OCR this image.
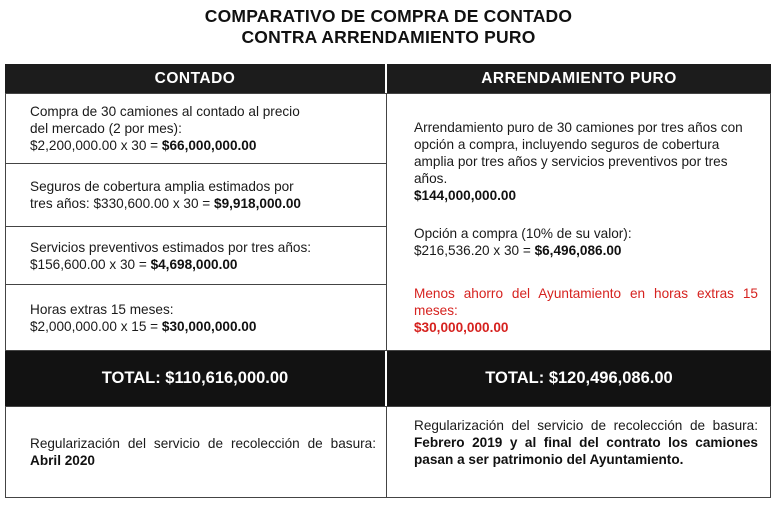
COMPARATIVO DE COMPRA DE CONTADO
CONTRA ARRENDAMIENTO PURO
CONTADO	ARRENDAMIENTO PURO
Compra de 30 camiones al contado al precio
del mercado (2 por mes):
$2,200,000.00 x 30 = $66,000,000.00
Seguros de cobertura amplia estimados por
tres años: $330,600.00 x 30 = $9,918,000.00
Servicios preventivos estimados por tres años:
$156,600.00 x 30 = $4,698,000.00
Horas extras 15 meses:
$2,000,000.00 x 15 = $30,000,000.00
Arrendamiento puro de 30 camiones por tres años con opción a compra, incluyendo seguros de cobertura amplia por tres años y servicios preventivos por tres años.
$144,000,000.00
Opción a compra (10% de su valor):
$216,536.20 x 30 = $6,496,086.00
Menos ahorro del Ayuntamiento en horas extras 15 meses:
$30,000,000.00
TOTAL: $110,616,000.00	TOTAL: $120,496,086.00
Regularización del servicio de recolección de basura: Abril 2020
Regularización del servicio de recolección de basura: Febrero 2019 y al final del contrato los camiones pasan a ser patrimonio del Ayuntamiento.
